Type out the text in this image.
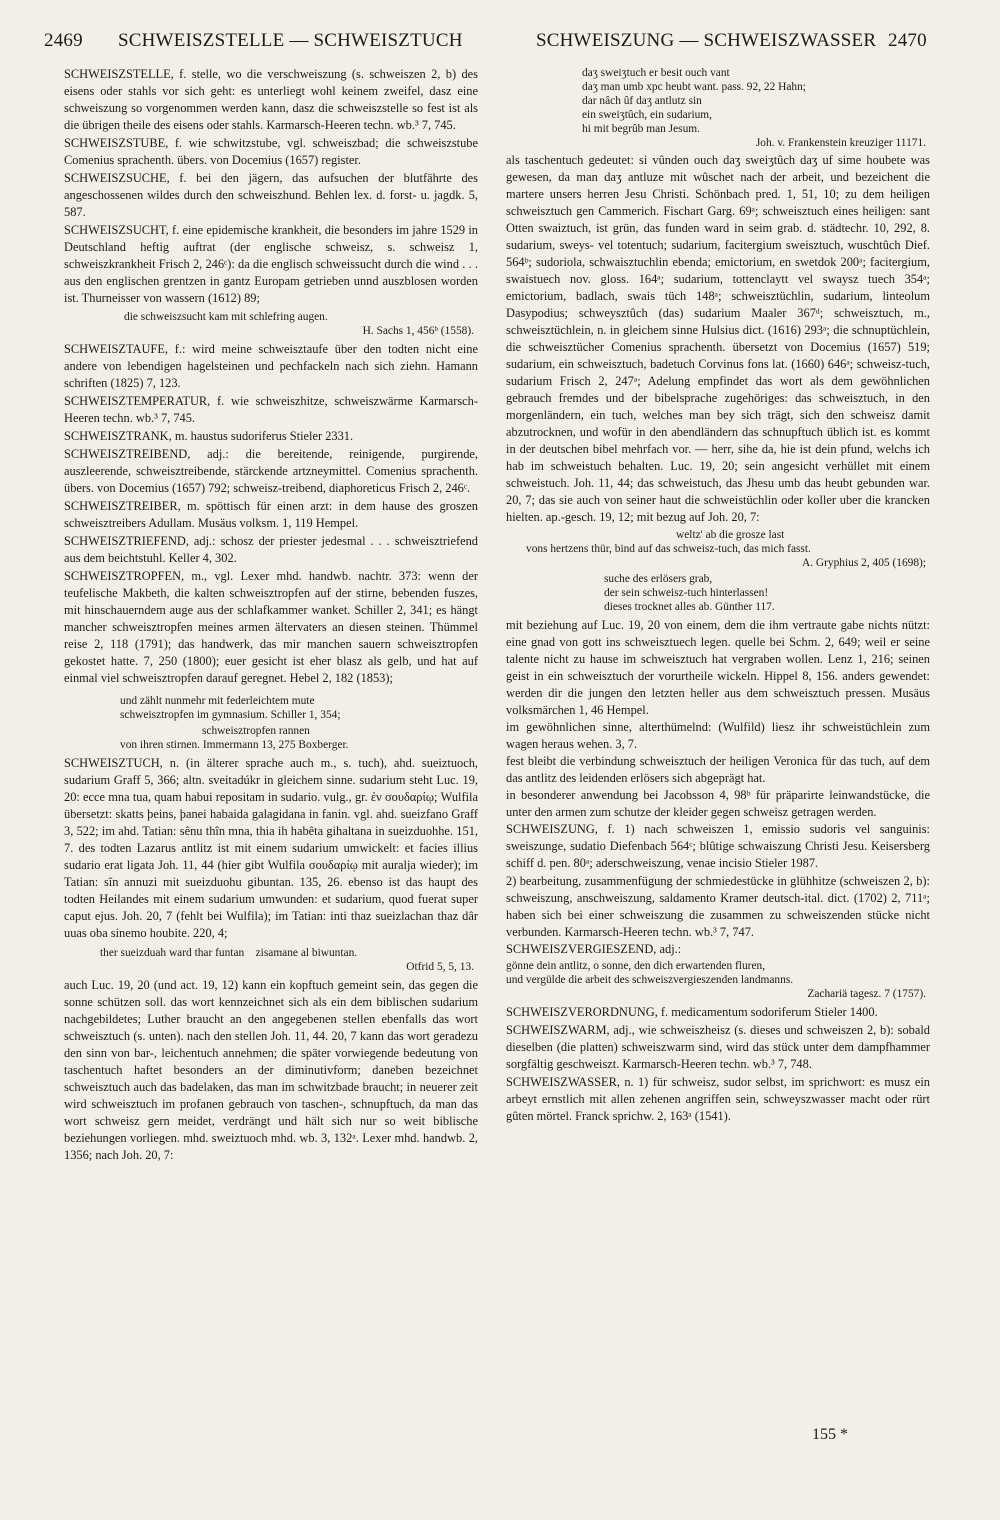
2469 SCHWEISZSTELLE — SCHWEISZTUCH	SCHWEISZUNG — SCHWEISZWASSER 2470

SCHWEISZSTELLE, f. stelle, wo die verschweiszung (s. schweiszen 2, b) des eisens oder stahls vor sich geht: es unterliegt wohl keinem zweifel, dasz eine schweiszung so vorgenommen werden kann, dasz die schweiszstelle so fest ist als die übrigen theile des eisens oder stahls. Karmarsch-Heeren techn. wb.³ 7, 745.

SCHWEISZSTUBE, f. wie schwitzstube, vgl. schweiszbad; die schweiszstube Comenius sprachenth. übers. von Docemius (1657) register.

SCHWEISZSUCHE, f. bei den jägern, das aufsuchen der blutfährte des angeschossenen wildes durch den schweiszhund. Behlen lex. d. forst- u. jagdk. 5, 587.

SCHWEISZSUCHT, f. eine epidemische krankheit, die besonders im jahre 1529 in Deutschland heftig auftrat (der englische schweisz, s. schweisz 1, schweiszkrankheit Frisch 2, 246ᶜ): da die englisch schweissucht durch die wind . . . aus den englischen grentzen in gantz Europam getrieben unnd auszblosen worden ist. Thurneisser von wassern (1612) 89;

die schweiszsucht kam mit schlefring augen.

H. Sachs 1, 456ᵇ (1558).

SCHWEISZTAUFE, f.: wird meine schweisztaufe über den todten nicht eine andere von lebendigen hagelsteinen und pechfackeln nach sich ziehn. Hamann schriften (1825) 7, 123.

SCHWEISZTEMPERATUR, f. wie schweiszhitze, schweiszwärme Karmarsch-Heeren techn. wb.³ 7, 745.

SCHWEISZTRANK, m. haustus sudoriferus Stieler 2331.

SCHWEISZTREIBEND, adj.: die bereitende, reinigende, purgirende, auszleerende, schweisztreibende, stärckende artzneymittel. Comenius sprachenth. übers. von Docemius (1657) 792; schweisz-treibend, diaphoreticus Frisch 2, 246ᶜ.

SCHWEISZTREIBER, m. spöttisch für einen arzt: in dem hause des groszen schweisztreibers Adullam. Musäus volksm. 1, 119 Hempel.

SCHWEISZTRIEFEND, adj.: schosz der priester jedesmal . . . schweisztriefend aus dem beichtstuhl. Keller 4, 302.

SCHWEISZTROPFEN, m., vgl. Lexer mhd. handwb. nachtr. 373: wenn der teufelische Makbeth, die kalten schweisztropfen auf der stirne, bebenden fuszes, mit hinschauerndem auge aus der schlafkammer wanket. Schiller 2, 341; es hängt mancher schweisztropfen meines armen ältervaters an diesen steinen. Thümmel reise 2, 118 (1791); das handwerk, das mir manchen sauern schweisztropfen gekostet hatte. 7, 250 (1800); euer gesicht ist eher blasz als gelb, und hat auf einmal viel schweisztropfen darauf geregnet. Hebel 2, 182 (1853);

und zählt nunmehr mit federleichtem mute

schweisztropfen im gymnasium. Schiller 1, 354;

schweisztropfen rannen

von ihren stirnen. Immermann 13, 275 Boxberger.

SCHWEISZTUCH, n. (in älterer sprache auch m., s. tuch), ahd. sueiztuoch, sudarium Graff 5, 366; altn. sveitadúkr in gleichem sinne. sudarium steht Luc. 19, 20: ecce mna tua, quam habui repositam in sudario. vulg., gr. ἐν σουδαρίῳ; Wulfila übersetzt: skatts þeins, þanei habaida galagidana in fanin. vgl. ahd. sueizfano Graff 3, 522; im ahd. Tatian: sênu thîn mna, thia ih habêta gihaltana in sueizduohhe. 151, 7. des todten Lazarus antlitz ist mit einem sudarium umwickelt: et facies illius sudario erat ligata Joh. 11, 44 (hier gibt Wulfila σουδαρίῳ mit auralja wieder); im Tatian: sîn annuzi mit sueizduohu gibuntan. 135, 26. ebenso ist das haupt des todten Heilandes mit einem sudarium umwunden: et sudarium, quod fuerat super caput ejus. Joh. 20, 7 (fehlt bei Wulfila); im Tatian: inti thaz sueizlachan thaz dâr uuas oba sinemo houbite. 220, 4;

ther sueizduah ward thar funtan    zisamane al biwuntan.

Otfrid 5, 5, 13.

auch Luc. 19, 20 (und act. 19, 12) kann ein kopftuch gemeint sein, das gegen die sonne schützen soll. das wort kennzeichnet sich als ein dem biblischen sudarium nachgebildetes; Luther braucht an den angegebenen stellen ebenfalls das wort schweisztuch (s. unten). nach den stellen Joh. 11, 44. 20, 7 kann das wort geradezu den sinn von bar-, leichentuch annehmen; die später vorwiegende bedeutung von taschentuch haftet besonders an der diminutivform; daneben bezeichnet schweisztuch auch das badelaken, das man im schwitzbade braucht; in neuerer zeit wird schweisztuch im profanen gebrauch von taschen-, schnupftuch, da man das wort schweisz gern meidet, verdrängt und hält sich nur so weit biblische beziehungen vorliegen. mhd. sweiztuoch mhd. wb. 3, 132ᵃ. Lexer mhd. handwb. 2, 1356; nach Joh. 20, 7:

daʒ sweiʒtuch er besit ouch vant

daʒ man umb xpc heubt want. pass. 92, 22 Hahn;

dar nâch ûf daʒ antlutz sin

ein sweiʒtûch, ein sudarium,

hi mit begrûb man Jesum.

Joh. v. Frankenstein kreuziger 11171.

als taschentuch gedeutet: si vûnden ouch daʒ sweiʒtûch daʒ uf sime houbete was gewesen, da man daʒ antluze mit wûschet nach der arbeit, und bezeichent die martere unsers herren Jesu Christi. Schönbach pred. 1, 51, 10; zu dem heiligen schweisztuch gen Cammerich. Fischart Garg. 69ᵃ; schweisztuch eines heiligen: sant Otten swaiztuch, ist grün, das funden ward in seim grab. d. städtechr. 10, 292, 8. sudarium, sweys- vel totentuch; sudarium, facitergium sweisztuch, wuschtûch Dief. 564ᵇ; sudoriola, schwaisztuchlin ebenda; emictorium, en swetdok 200ᵃ; facitergium, swaistuech nov. gloss. 164ᵃ; sudarium, tottenclaytt vel swaysz tuech 354ᵃ; emictorium, badlach, swais tüch 148ᵃ; schweisztüchlin, sudarium, linteolum Dasypodius; schweysztûch (das) sudarium Maaler 367ᵈ; schweisztuch, m., schweisztüchlein, n. in gleichem sinne Hulsius dict. (1616) 293ᵃ; die schnuptüchlein, die schweisztücher Comenius sprachenth. übersetzt von Docemius (1657) 519; sudarium, ein schweisztuch, badetuch Corvinus fons lat. (1660) 646ᵃ; schweisz-tuch, sudarium Frisch 2, 247ᵃ; Adelung empfindet das wort als dem gewöhnlichen gebrauch fremdes und der bibelsprache zugehöriges: das schweisztuch, in den morgenländern, ein tuch, welches man bey sich trägt, sich den schweisz damit abzutrocknen, und wofür in den abendländern das schnupftuch üblich ist. es kommt in der deutschen bibel mehrfach vor. — herr, sihe da, hie ist dein pfund, welchs ich hab im schweistuch behalten. Luc. 19, 20; sein angesicht verhüllet mit einem schweistuch. Joh. 11, 44; das schweistuch, das Jhesu umb das heubt gebunden war. 20, 7; das sie auch von seiner haut die schweistüchlin oder koller uber die krancken hielten. ap.-gesch. 19, 12; mit bezug auf Joh. 20, 7:

weltz' ab die grosze last

vons hertzens thür, bind auf das schweisz-tuch, das mich fasst.

A. Gryphius 2, 405 (1698);

suche des erlösers grab,

der sein schweisz-tuch hinterlassen!

dieses trocknet alles ab. Günther 117.

mit beziehung auf Luc. 19, 20 von einem, dem die ihm vertraute gabe nichts nützt: eine gnad von gott ins schweisztuech legen. quelle bei Schm. 2, 649; weil er seine talente nicht zu hause im schweisztuch hat vergraben wollen. Lenz 1, 216; seinen geist in ein schweisztuch der vorurtheile wickeln. Hippel 8, 156. anders gewendet: werden dir die jungen den letzten heller aus dem schweisztuch pressen. Musäus volksmärchen 1, 46 Hempel.

im gewöhnlichen sinne, alterthümelnd: (Wulfild) liesz ihr schweistüchlein zum wagen heraus wehen. 3, 7.

fest bleibt die verbindung schweisztuch der heiligen Veronica für das tuch, auf dem das antlitz des leidenden erlösers sich abgeprägt hat.

in besonderer anwendung bei Jacobsson 4, 98ᵇ für präparirte leinwandstücke, die unter den armen zum schutze der kleider gegen schweisz getragen werden.

SCHWEISZUNG, f. 1) nach schweiszen 1, emissio sudoris vel sanguinis: sweiszunge, sudatio Diefenbach 564ᶜ; blûtige schwaiszung Christi Jesu. Keisersberg schiff d. pen. 80ᵃ; aderschweiszung, venae incisio Stieler 1987.

2) bearbeitung, zusammenfügung der schmiedestücke in glühhitze (schweiszen 2, b): schweiszung, anschweiszung, saldamento Kramer deutsch-ital. dict. (1702) 2, 711ᵃ; haben sich bei einer schweiszung die zusammen zu schweiszenden stücke nicht verbunden. Karmarsch-Heeren techn. wb.³ 7, 747.

SCHWEISZVERGIESZEND, adj.:

gönne dein antlitz, o sonne, den dich erwartenden fluren,

und vergülde die arbeit des schweiszvergieszenden landmanns.

Zachariä tagesz. 7 (1757).

SCHWEISZVERORDNUNG, f. medicamentum sodoriferum Stieler 1400.

SCHWEISZWARM, adj., wie schweiszheisz (s. dieses und schweiszen 2, b): sobald dieselben (die platten) schweiszwarm sind, wird das stück unter dem dampfhammer sorgfältig geschweiszt. Karmarsch-Heeren techn. wb.³ 7, 748.

SCHWEISZWASSER, n. 1) für schweisz, sudor selbst, im sprichwort: es musz ein arbeyt ernstlich mit allen zehenen angriffen sein, schweyszwasser macht oder rürt gûten mörtel. Franck sprichw. 2, 163ᵃ (1541).

155 *
